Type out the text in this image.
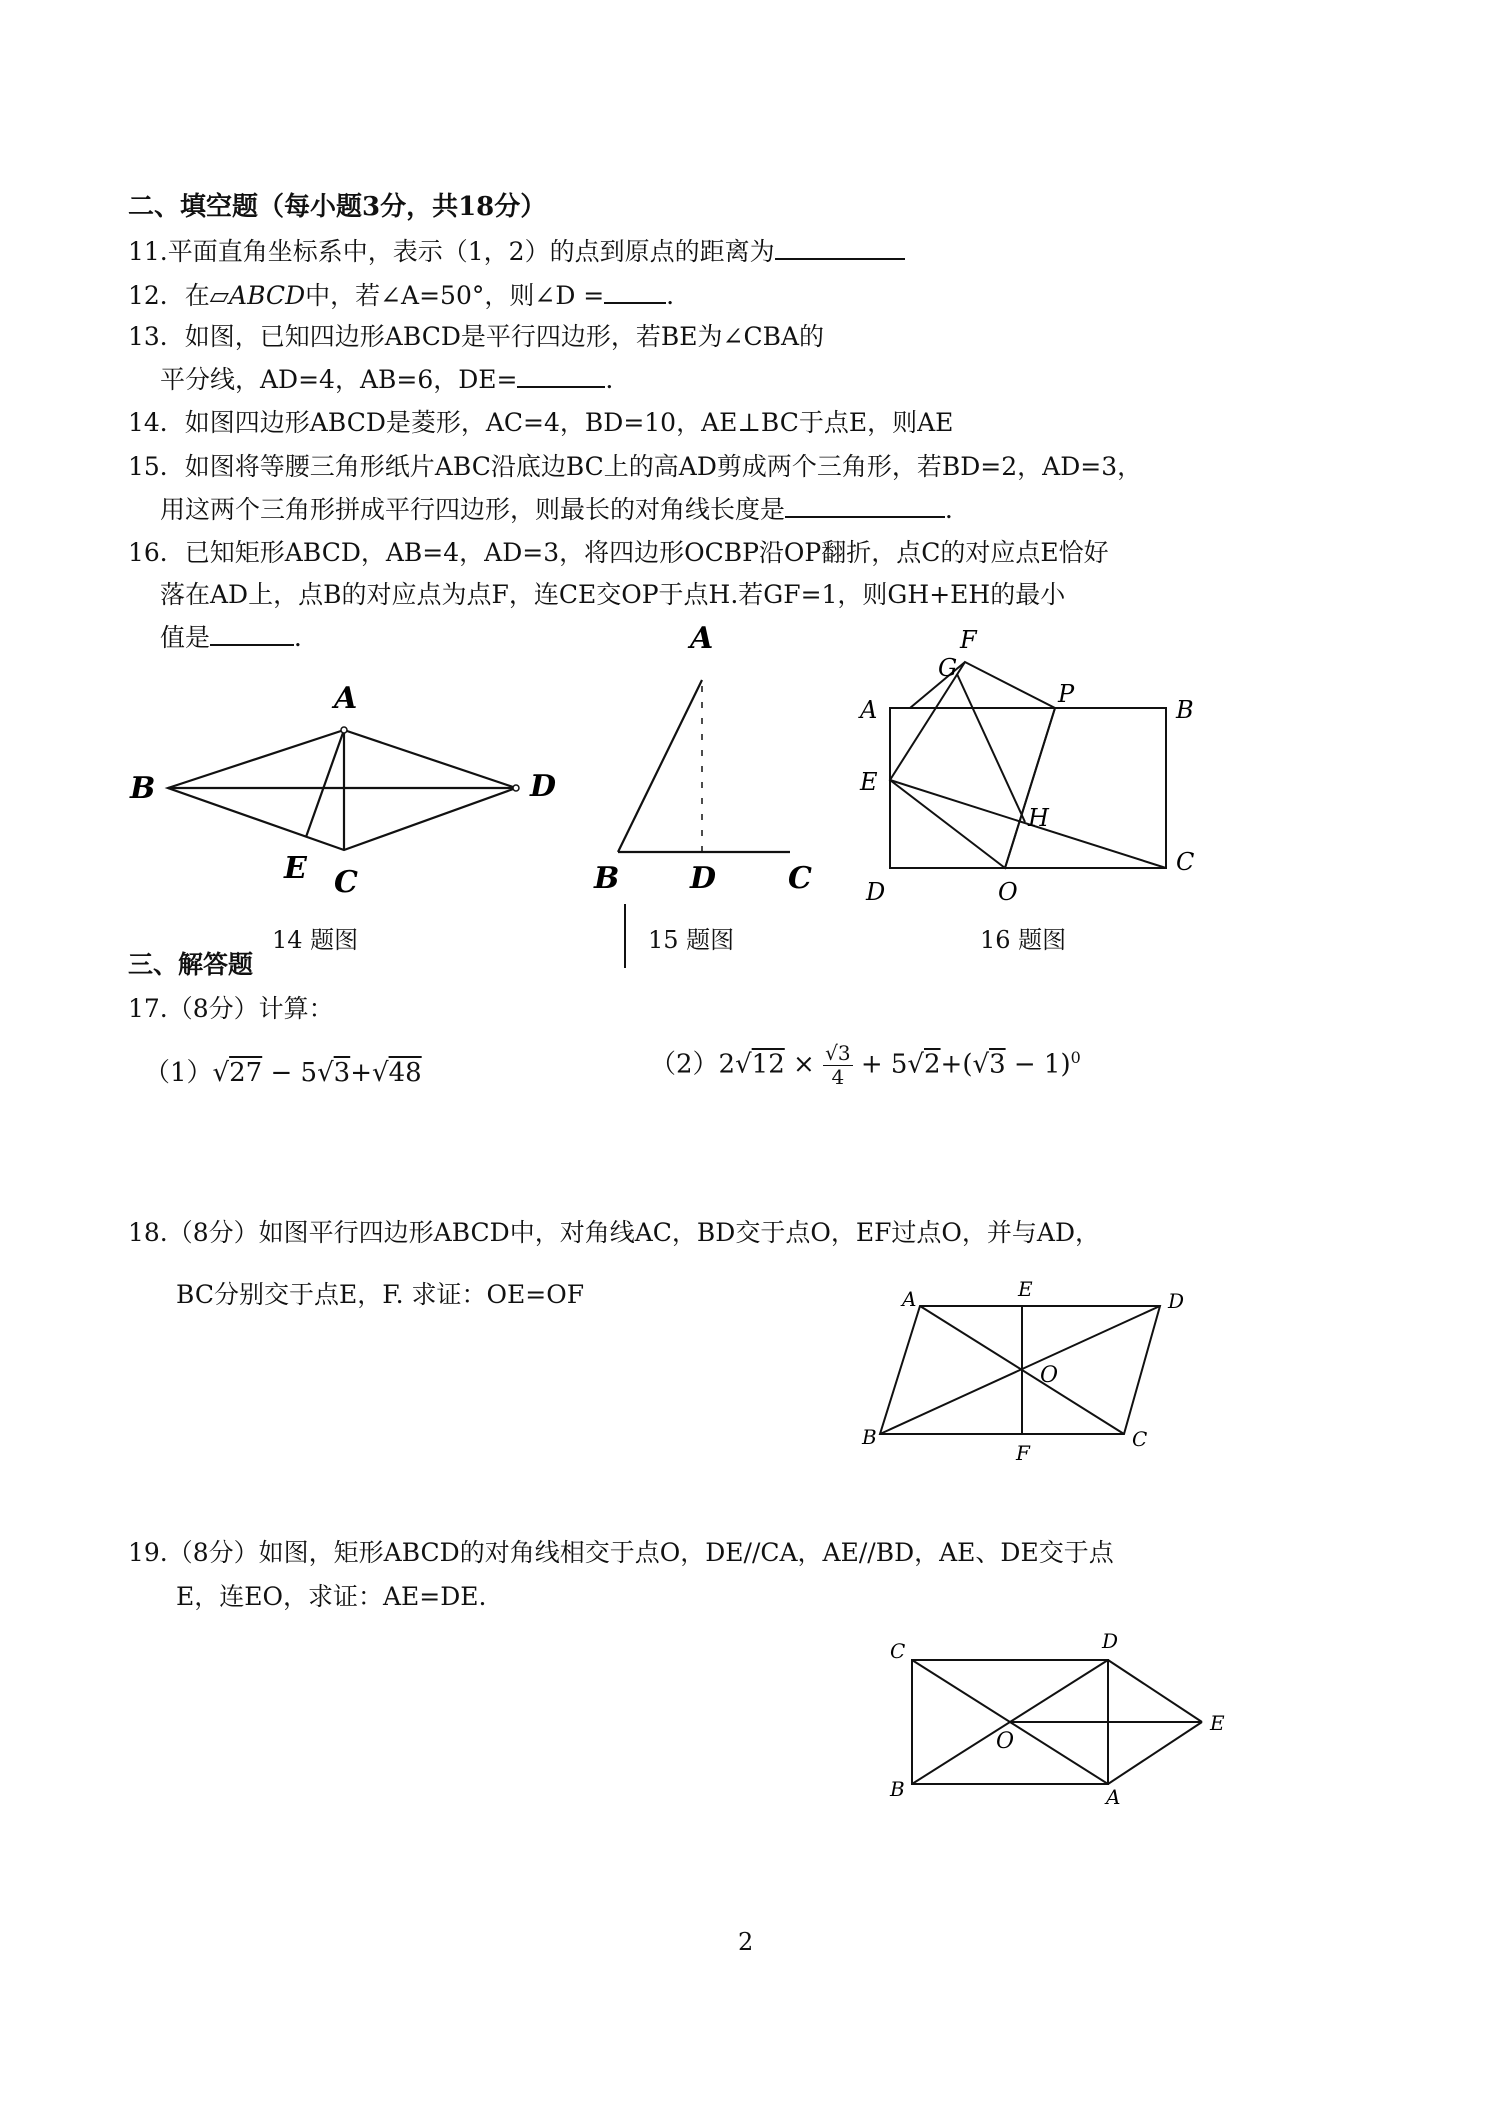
二、填空题（每小题3分，共18分）
11.平面直角坐标系中，表示（1，2）的点到原点的距离为
12．在▱ABCD中，若∠A=50°，则∠D = ．
13．如图，已知四边形ABCD是平行四边形，若BE为∠CBA的
平分线，AD=4，AB=6，DE=	．
14．如图四边形ABCD是菱形，AC=4，BD=10，AE⊥BC于点E，则AE
15．如图将等腰三角形纸片ABC沿底边BC上的高AD剪成两个三角形，若BD=2，AD=3，
用这两个三角形拼成平行四边形，则最长的对角线长度是	．
16．已知矩形ABCD，AB=4，AD=3，将四边形OCBP沿OP翻折，点C的对应点E恰好
落在AD上，点B的对应点为点F，连CE交OP于点H.若GF=1，则GH+EH的最小
值是	．
A
B	D
E C
14 题图
A
B D C
15 题图
F
G
P
A	B
E
H
C
D	O
16 题图
三、解答题
17.（8分）计算：
（1）√27 − 5√3+√48	$(2)2√12 \times \frac{√3}{4} + 5√2+(√3 - 1)^0$
18.（8分）如图平行四边形ABCD中，对角线AC，BD交于点O，EF过点O，并与AD，
BC分别交于点E，F. 求证：OE=OF	A	E	D
O
B
F
C
19.（8分）如图，矩形ABCD的对角线相交于点O，DE//CA，AE//BD，AE、DE交于点
E，连EO，求证：AE=DE.
C	D
E
O
B	A
2
